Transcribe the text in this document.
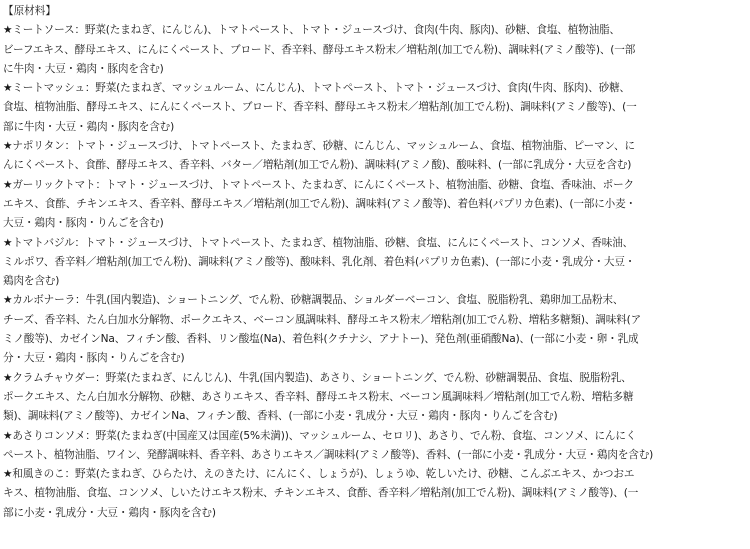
【原材料】
★ミートソース：野菜(たまねぎ、にんじん)、トマトペースト、トマト・ジュースづけ、食肉(牛肉、豚肉)、砂糖、食塩、植物油脂、
ビーフエキス、酵母エキス、にんにくペースト、ブロード、香辛料、酵母エキス粉末／増粘剤(加工でん粉)、調味料(アミノ酸等)、(一部
に牛肉・大豆・鶏肉・豚肉を含む)
★ミートマッシュ：野菜(たまねぎ、マッシュルーム、にんじん)、トマトペースト、トマト・ジュースづけ、食肉(牛肉、豚肉)、砂糖、
食塩、植物油脂、酵母エキス、にんにくペースト、ブロード、香辛料、酵母エキス粉末／増粘剤(加工でん粉)、調味料(アミノ酸等)、(一
部に牛肉・大豆・鶏肉・豚肉を含む)
★ナポリタン：トマト・ジュースづけ、トマトペースト、たまねぎ、砂糖、にんじん、マッシュルーム、食塩、植物油脂、ピーマン、に
んにくペースト、食酢、酵母エキス、香辛料、バター／増粘剤(加工でん粉)、調味料(アミノ酸)、酸味料、(一部に乳成分・大豆を含む)
★ガーリックトマト：トマト・ジュースづけ、トマトペースト、たまねぎ、にんにくペースト、植物油脂、砂糖、食塩、香味油、ポーク
エキス、食酢、チキンエキス、香辛料、酵母エキス／増粘剤(加工でん粉)、調味料(アミノ酸等)、着色料(パプリカ色素)、(一部に小麦・
大豆・鶏肉・豚肉・りんごを含む)
★トマトバジル：トマト・ジュースづけ、トマトペースト、たまねぎ、植物油脂、砂糖、食塩、にんにくペースト、コンソメ、香味油、
ミルポワ、香辛料／増粘剤(加工でん粉)、調味料(アミノ酸等)、酸味料、乳化剤、着色料(パプリカ色素)、(一部に小麦・乳成分・大豆・
鶏肉を含む)
★カルボナーラ：牛乳(国内製造)、ショートニング、でん粉、砂糖調製品、ショルダーベーコン、食塩、脱脂粉乳、鶏卵加工品粉末、
チーズ、香辛料、たん白加水分解物、ポークエキス、ベーコン風調味料、酵母エキス粉末／増粘剤(加工でん粉、増粘多糖類)、調味料(ア
ミノ酸等)、カゼインNa、フィチン酸、香料、リン酸塩(Na)、着色料(クチナシ、アナトー)、発色剤(亜硝酸Na)、(一部に小麦・卵・乳成
分・大豆・鶏肉・豚肉・りんごを含む)
★クラムチャウダー：野菜(たまねぎ、にんじん)、牛乳(国内製造)、あさり、ショートニング、でん粉、砂糖調製品、食塩、脱脂粉乳、
ポークエキス、たん白加水分解物、砂糖、あさりエキス、香辛料、酵母エキス粉末、ベーコン風調味料／増粘剤(加工でん粉、増粘多糖
類)、調味料(アミノ酸等)、カゼインNa、フィチン酸、香料、(一部に小麦・乳成分・大豆・鶏肉・豚肉・りんごを含む)
★あさりコンソメ：野菜(たまねぎ(中国産又は国産(5%未満))、マッシュルーム、セロリ)、あさり、でん粉、食塩、コンソメ、にんにく
ペースト、植物油脂、ワイン、発酵調味料、香辛料、あさりエキス／調味料(アミノ酸等)、香料、(一部に小麦・乳成分・大豆・鶏肉を含む)
★和風きのこ：野菜(たまねぎ、ひらたけ、えのきたけ、にんにく、しょうが)、しょうゆ、乾しいたけ、砂糖、こんぶエキス、かつおエ
キス、植物油脂、食塩、コンソメ、しいたけエキス粉末、チキンエキス、食酢、香辛料／増粘剤(加工でん粉)、調味料(アミノ酸等)、(一
部に小麦・乳成分・大豆・鶏肉・豚肉を含む)
